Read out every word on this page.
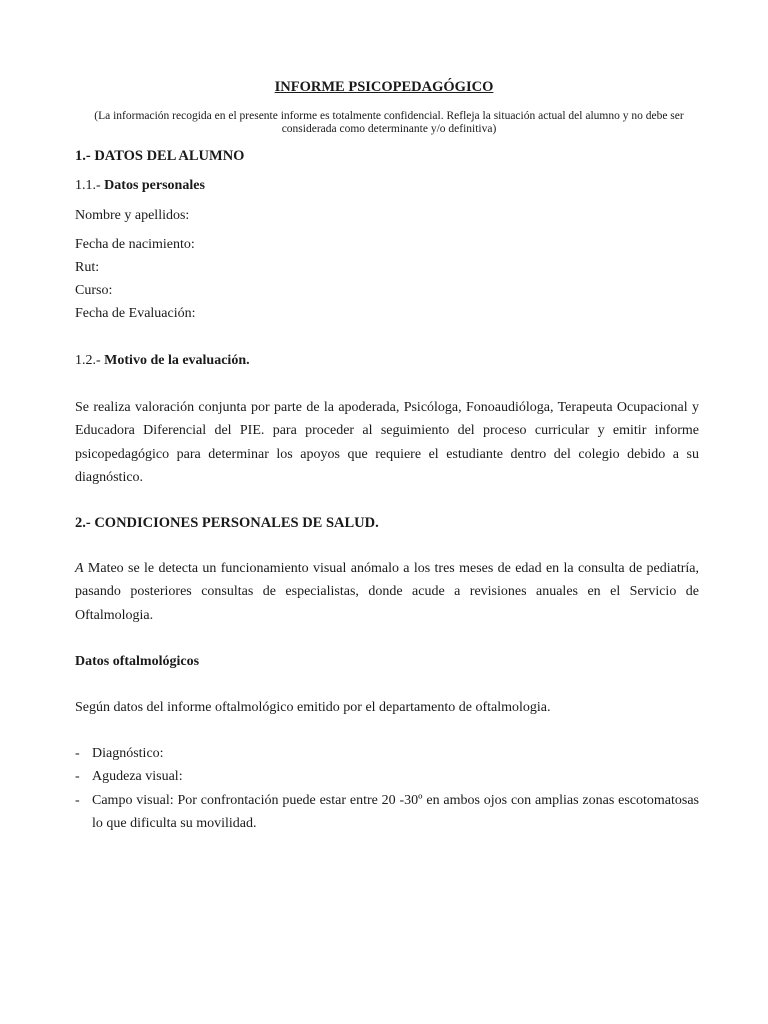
INFORME PSICOPEDAGÓGICO
(La información recogida en el presente informe es totalmente confidencial. Refleja la situación actual del alumno y no debe ser considerada como determinante y/o definitiva)
1.- DATOS DEL ALUMNO
1.1.- Datos personales
Nombre y apellidos:
Fecha de nacimiento:
Rut:
Curso:
Fecha de Evaluación:
1.2.- Motivo de la evaluación.
Se realiza valoración conjunta por parte de la apoderada, Psicóloga, Fonoaudióloga, Terapeuta Ocupacional y Educadora Diferencial del PIE. para proceder al seguimiento del proceso curricular y emitir informe psicopedagógico para determinar los apoyos que requiere el estudiante dentro del colegio debido a su diagnóstico.
2.- CONDICIONES PERSONALES DE SALUD.
A Mateo se le detecta un funcionamiento visual anómalo a los tres meses de edad en la consulta de pediatría, pasando posteriores consultas de especialistas, donde acude a revisiones anuales en el Servicio de Oftalmologia.
Datos oftalmológicos
Según datos del informe oftalmológico emitido por el departamento de oftalmologia.
- Diagnóstico:
- Agudeza visual:
- Campo visual: Por confrontación puede estar entre 20 -30º en ambos ojos con amplias zonas escotomatosas lo que dificulta su movilidad.
